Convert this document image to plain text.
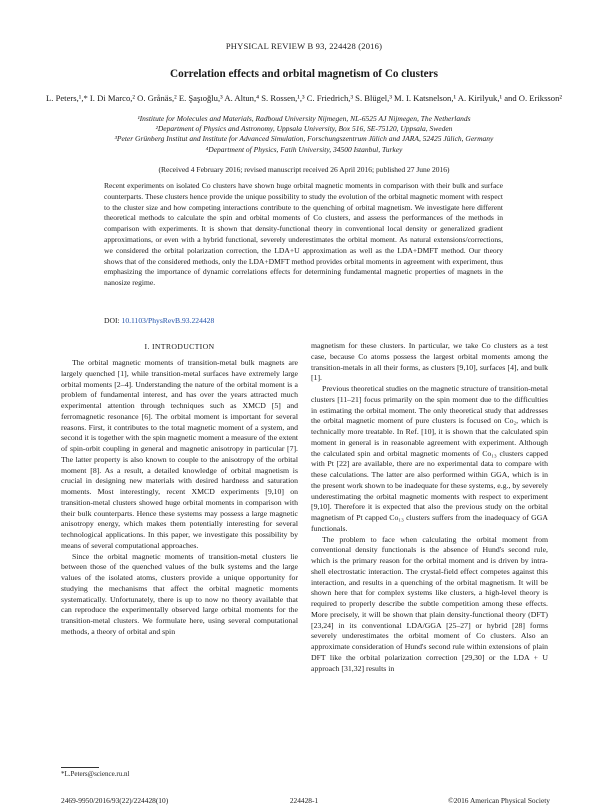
PHYSICAL REVIEW B 93, 224428 (2016)
Correlation effects and orbital magnetism of Co clusters
L. Peters,¹,* I. Di Marco,² O. Grånäs,² E. Şaşıoğlu,³ A. Altun,⁴ S. Rossen,¹,³ C. Friedrich,³ S. Blügel,³ M. I. Katsnelson,¹ A. Kirilyuk,¹ and O. Eriksson²
¹Institute for Molecules and Materials, Radboud University Nijmegen, NL-6525 AJ Nijmegen, The Netherlands
²Department of Physics and Astronomy, Uppsala University, Box 516, SE-75120, Uppsala, Sweden
³Peter Grünberg Institut and Institute for Advanced Simulation, Forschungszentrum Jülich and JARA, 52425 Jülich, Germany
⁴Department of Physics, Fatih University, 34500 Istanbul, Turkey
(Received 4 February 2016; revised manuscript received 26 April 2016; published 27 June 2016)
Recent experiments on isolated Co clusters have shown huge orbital magnetic moments in comparison with their bulk and surface counterparts. These clusters hence provide the unique possibility to study the evolution of the orbital magnetic moment with respect to the cluster size and how competing interactions contribute to the quenching of orbital magnetism. We investigate here different theoretical methods to calculate the spin and orbital moments of Co clusters, and assess the performances of the methods in comparison with experiments. It is shown that density-functional theory in conventional local density or generalized gradient approximations, or even with a hybrid functional, severely underestimates the orbital moment. As natural extensions/corrections, we considered the orbital polarization correction, the LDA+U approximation as well as the LDA+DMFT method. Our theory shows that of the considered methods, only the LDA+DMFT method provides orbital moments in agreement with experiment, thus emphasizing the importance of dynamic correlations effects for determining fundamental magnetic properties of magnets in the nanosize regime.
DOI: 10.1103/PhysRevB.93.224428
I. INTRODUCTION

The orbital magnetic moments of transition-metal bulk magnets are largely quenched [1], while transition-metal surfaces have extremely large orbital moments [2–4]. Understanding the nature of the orbital moment is a problem of fundamental interest, and has over the years attracted much experimental attention through techniques such as XMCD [5] and ferromagnetic resonance [6]. The orbital moment is important for several reasons. First, it contributes to the total magnetic moment of a system, and second it is together with the spin magnetic moment a measure of the extent of spin-orbit coupling in general and magnetic anisotropy in particular [7]. The latter property is also known to couple to the anisotropy of the orbital moment [8]. As a result, a detailed knowledge of orbital magnetism is crucial in designing new materials with desired hardness and saturation moments. Most interestingly, recent XMCD experiments [9,10] on transition-metal clusters showed huge orbital moments in comparison with their bulk counterparts. Hence these systems may possess a large magnetic anisotropy energy, which makes them potentially interesting for several technological applications. In this paper, we investigate this possibility by means of several computational approaches.

Since the orbital magnetic moments of transition-metal clusters lie between those of the quenched values of the bulk systems and the large values of the isolated atoms, clusters provide a unique opportunity for studying the mechanisms that affect the orbital magnetic moments systematically. Unfortunately, there is up to now no theory available that can reproduce the experimentally observed large orbital moments for the transition-metal clusters. We formulate here, using several computational methods, a theory of orbital and spin

magnetism for these clusters. In particular, we take Co clusters as a test case, because Co atoms possess the largest orbital moments among the transition-metals in all their forms, as clusters [9,10], surfaces [4], and bulk [1].

Previous theoretical studies on the magnetic structure of transition-metal clusters [11–21] focus primarily on the spin moment due to the difficulties in estimating the orbital moment. The only theoretical study that addresses the orbital magnetic moment of pure clusters is focused on Co₂, which is technically more treatable. In Ref. [10], it is shown that the calculated spin moment in general is in reasonable agreement with experiment. Although the calculated spin and orbital magnetic moments of Co₁₃ clusters capped with Pt [22] are available, there are no experimental data to compare with these calculations. The latter are also performed within GGA, which is in the present work shown to be inadequate for these systems, e.g., by severely underestimating the orbital magnetic moments with respect to experiment [9,10]. Therefore it is expected that also the previous study on the orbital magnetism of Pt capped Co₁₃ clusters suffers from the inadequacy of GGA functionals.

The problem to face when calculating the orbital moment from conventional density functionals is the absence of Hund's second rule, which is the primary reason for the orbital moment and is driven by intra-shell electrostatic interaction. The crystal-field effect competes against this interaction, and results in a quenching of the orbital magnetism. It will be shown here that for complex systems like clusters, a high-level theory is required to properly describe the subtle competition among these effects. More precisely, it will be shown that plain density-functional theory (DFT) [23,24] in its conventional LDA/GGA [25–27] or hybrid [28] forms severely underestimates the orbital moment of Co clusters. Also an approximate consideration of Hund's second rule within extensions of plain DFT like the orbital polarization correction [29,30] or the LDA + U approach [31,32] results in

*L.Peters@science.ru.nl
2469-9950/2016/93(22)/224428(10)	224428-1	©2016 American Physical Society
